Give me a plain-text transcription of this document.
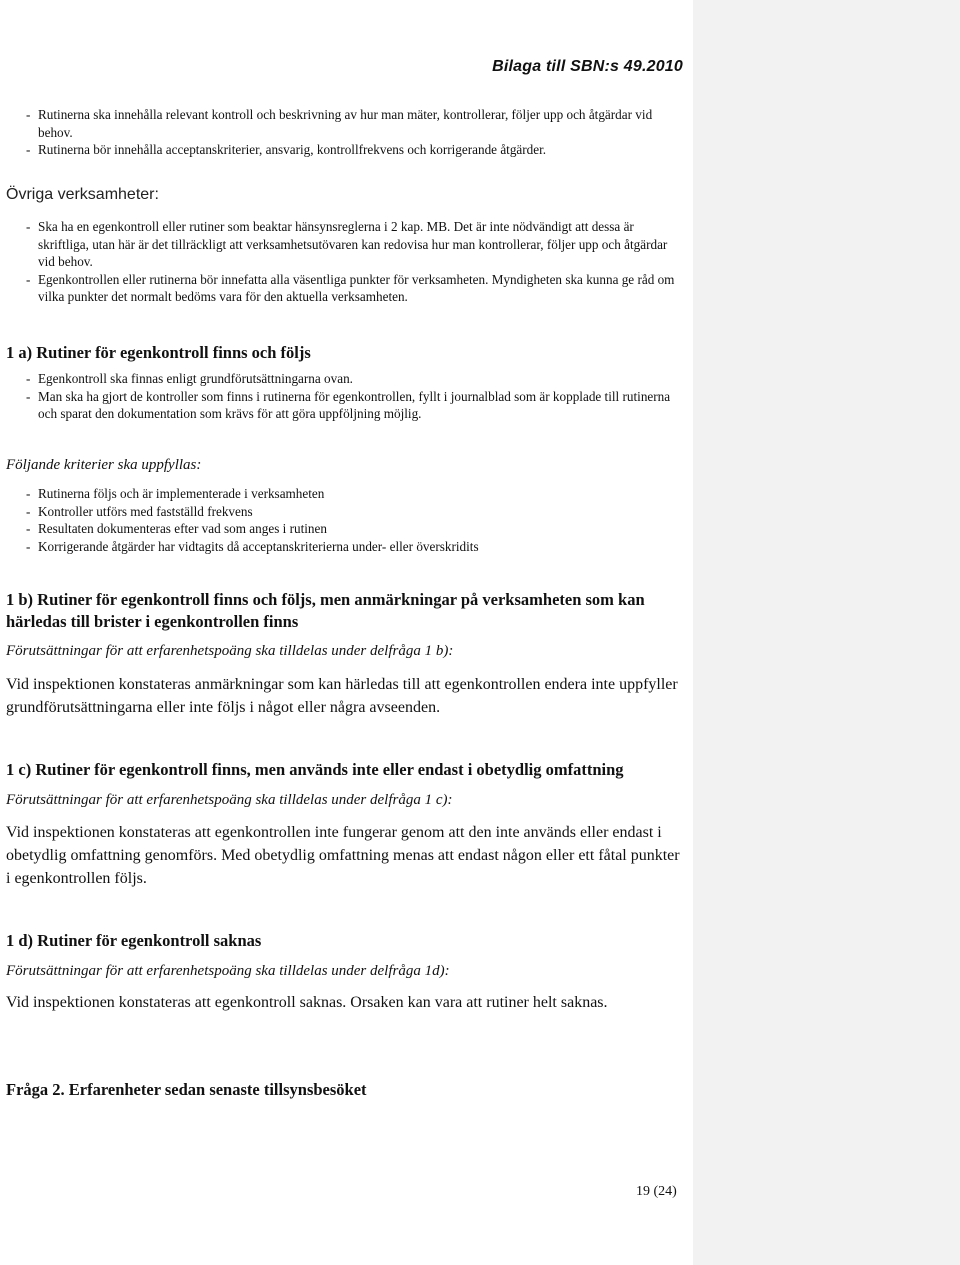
Bilaga till SBN:s 49.2010
- Rutinerna ska innehålla relevant kontroll och beskrivning av hur man mäter, kontrollerar, följer upp och åtgärdar vid behov.
- Rutinerna bör innehålla acceptanskriterier, ansvarig, kontrollfrekvens och korrigerande åtgärder.
Övriga verksamheter:
- Ska ha en egenkontroll eller rutiner som beaktar hänsynsreglerna i 2 kap. MB. Det är inte nödvändigt att dessa är skriftliga, utan här är det tillräckligt att verksamhetsutövaren kan redovisa hur man kontrollerar, följer upp och åtgärdar vid behov.
- Egenkontrollen eller rutinerna bör innefatta alla väsentliga punkter för verksamheten. Myndigheten ska kunna ge råd om vilka punkter det normalt bedöms vara för den aktuella verksamheten.
1 a) Rutiner för egenkontroll finns och följs
- Egenkontroll ska finnas enligt grundförutsättningarna ovan.
- Man ska ha gjort de kontroller som finns i rutinerna för egenkontrollen, fyllt i journalblad som är kopplade till rutinerna och sparat den dokumentation som krävs för att göra uppföljning möjlig.
Följande kriterier ska uppfyllas:
- Rutinerna följs och är implementerade i verksamheten
- Kontroller utförs med fastställd frekvens
- Resultaten dokumenteras efter vad som anges i rutinen
- Korrigerande åtgärder har vidtagits då acceptanskriterierna under- eller överskridits
1 b) Rutiner för egenkontroll finns och följs, men anmärkningar på verksamheten som kan härledas till brister i egenkontrollen finns
Förutsättningar för att erfarenhetspoäng ska tilldelas under delfråga 1 b):
Vid inspektionen konstateras anmärkningar som kan härledas till att egenkontrollen endera inte uppfyller grundförutsättningarna eller inte följs i något eller några avseenden.
1 c) Rutiner för egenkontroll finns, men används inte eller endast i obetydlig omfattning
Förutsättningar för att erfarenhetspoäng ska tilldelas under delfråga 1 c):
Vid inspektionen konstateras att egenkontrollen inte fungerar genom att den inte används eller endast i obetydlig omfattning genomförs. Med obetydlig omfattning menas att endast någon eller ett fåtal punkter i egenkontrollen följs.
1 d) Rutiner för egenkontroll saknas
Förutsättningar för att erfarenhetspoäng ska tilldelas under delfråga 1d):
Vid inspektionen konstateras att egenkontroll saknas. Orsaken kan vara att rutiner helt saknas.
Fråga 2. Erfarenheter sedan senaste tillsynsbesöket
19 (24)
